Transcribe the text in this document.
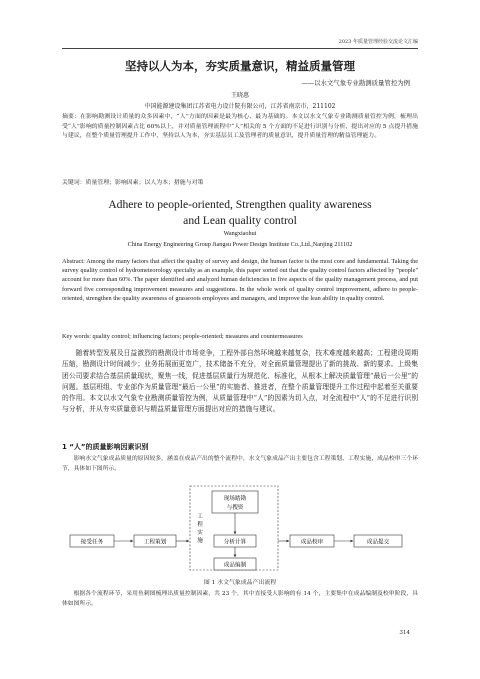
2023 年质量管理经验交流论文汇编
坚持以人为本，夯实质量意识，精益质量管理
——以水文气象专业勘测质量管控为例
王晓惠
中国能源建设集团江苏省电力设计院有限公司，江苏省南京市，211102
摘要：在影响勘测设计质量的众多因素中，“人”方面的因素是最为核心、最为基础的。本文以水文气象专业勘测质量管控为例，梳理出受“人”影响的质量控制因素占比 60%以上，并对质量管理流程中“人”相关的 5 个方面的不足进行识别与分析，提出对应的 5 点提升措施与建议，在整个质量管理提升工作中，坚持以人为本，夯实基层员工及管理者的质量意识，提升质量管理的精益管理能力。
关键词：质量管理；影响因素；以人为本；措施与对策
Adhere to people-oriented, Strengthen quality awareness
and Lean quality control
Wangxiaohui
China Energy Engineering Group Jiangsu Power Design Institute Co.,Ltd.,Nanjing 211102
Abstract: Among the many factors that affect the quality of survey and design, the human factor is the most core and fundamental. Taking the survey quality control of hydrometeorology specialty as an example, this paper sorted out that the quality control factors affected by "people" account for more than 60%. The paper identified and analyzed human deficiencies in five aspects of the quality management process, and put forward five corresponding improvement measures and suggestions. In the whole work of quality control improvement, adhere to people-oriented, strengthen the quality awareness of grassroots employees and managers, and improve the lean ability in quality control.
Key words: quality control; influencing factors; people-oriented; measures and countermeasures
随着转型发展及日益激烈的勘测设计市场竞争，工程外部自然环境越来越复杂，技术难度越来越高；工程建设周期压缩，勘测设计时间减少；业务拓展面更宽广，技术储备不充分，对全面质量管理提出了新的挑战、新的要求。上级集团公司要求结合基层质量现状，聚焦一线，促进基层质量行为规范化、标准化，从根本上解决质量管理“最后一公里”的问题。基层班组、专业部作为质量管理“最后一公里”的实施者、推进者，在整个质量管理提升工作过程中起着至关重要的作用。本文以水文气象专业勘测质量管控为例，从质量管理中“人”的因素为切入点，对全流程中“人”的不足进行识别与分析，并从夯实质量意识与精益质量管理方面提出对应的措施与建议。
1 “人”的质量影响因素识别
影响水文气象成品质量的原因较多，涵盖在成品产出的整个流程中，水文气象成品产出主要包含工程策划、工程实施、成品校审三个环节，具体如下图所示。
接受任务	工程策划
工
程
实
施
现场踏勘
与搜资
分析计算
成品编制
成品校审	成品提交
图 1 水文气象成品产出流程
根据各个流程环节，采用鱼刺图梳理出质量控制因素，共 23 个，其中直接受人影响的有 14 个，主要集中在成品编制及校审阶段，具体如图所示。
314
